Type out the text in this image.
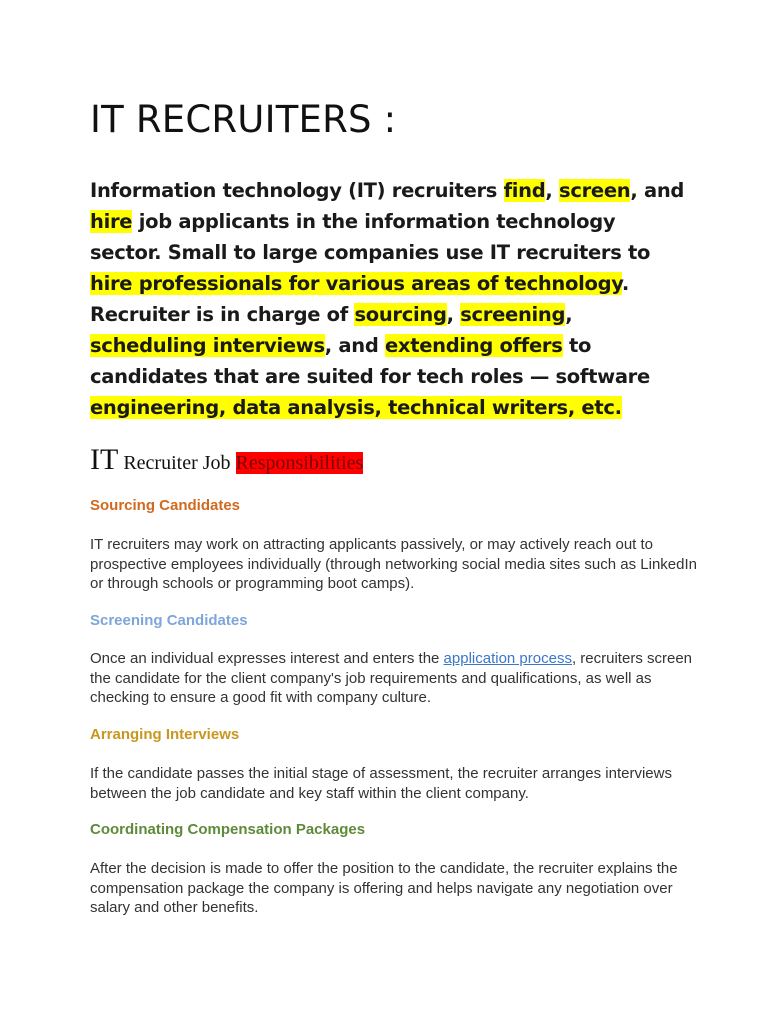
IT RECRUITERS :

Information technology (IT) recruiters find, screen, and hire job applicants in the information technology sector. Small to large companies use IT recruiters to hire professionals for various areas of technology. Recruiter is in charge of sourcing, screening, scheduling interviews, and extending offers to candidates that are suited for tech roles — software engineering, data analysis, technical writers, etc.

IT Recruiter Job Responsibilities
Sourcing Candidates

IT recruiters may work on attracting applicants passively, or may actively reach out to prospective employees individually (through networking social media sites such as LinkedIn or through schools or programming boot camps).

Screening Candidates

Once an individual expresses interest and enters the application process, recruiters screen the candidate for the client company's job requirements and qualifications, as well as checking to ensure a good fit with company culture.

Arranging Interviews

If the candidate passes the initial stage of assessment, the recruiter arranges interviews between the job candidate and key staff within the client company.

Coordinating Compensation Packages

After the decision is made to offer the position to the candidate, the recruiter explains the compensation package the company is offering and helps navigate any negotiation over salary and other benefits.
